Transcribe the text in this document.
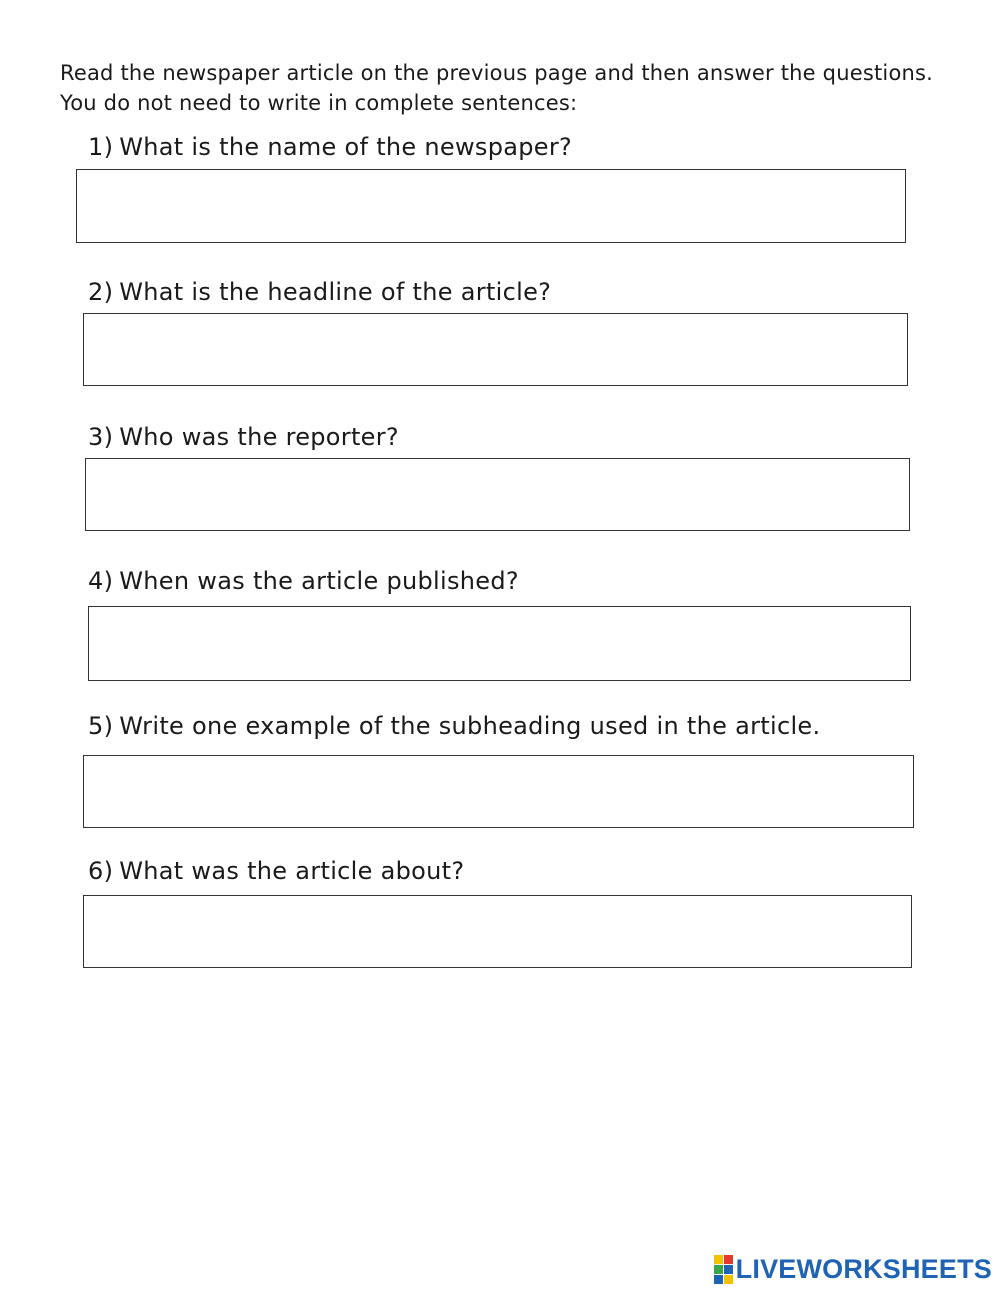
Read the newspaper article on the previous page and then answer the questions.
You do not need to write in complete sentences:
1) What is the name of the newspaper?
2) What is the headline of the article?
3) Who was the reporter?
4) When was the article published?
5) Write one example of the subheading used in the article.
6) What was the article about?
LIVEWORKSHEETS
